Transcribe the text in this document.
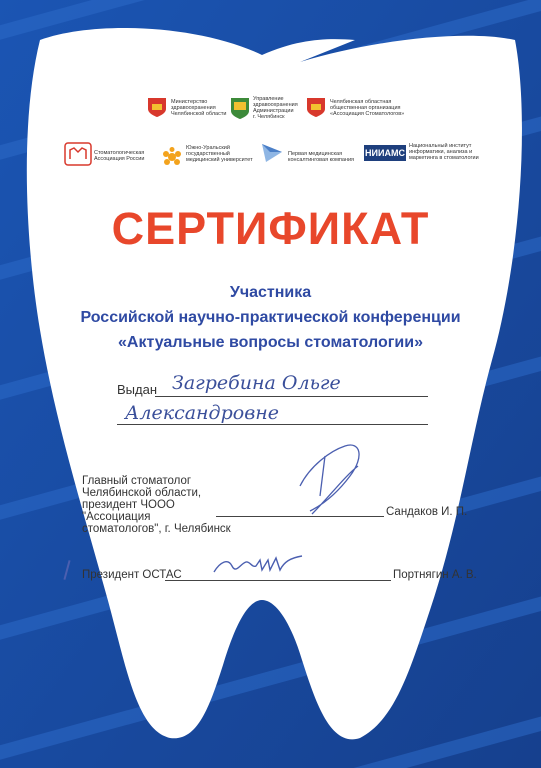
Министерство
здравоохранения
Челябинской области
Управление
здравоохранения
Администрации
г. Челябинск
Челябинская областная
общественная организация
«Ассоциация Стоматологов»
Стоматологическая
Ассоциация России
Южно-Уральский
государственный
медицинский университет
Первая медицинская
консалтинговая компания
НИИАМС
Национальный институт
информатики, анализа и
маркетинга в стоматологии
СЕРТИФИКАТ
Участника
Российской научно-практической конференции
«Актуальные вопросы стоматологии»
Выдан Загребина Ольге
Александровне
Главный стоматолог
Челябинской области,
президент ЧООО "Ассоциация
стоматологов", г. Челябинск
Сандаков И. П.
Президент ОСТАС	Портнягин А. В.
